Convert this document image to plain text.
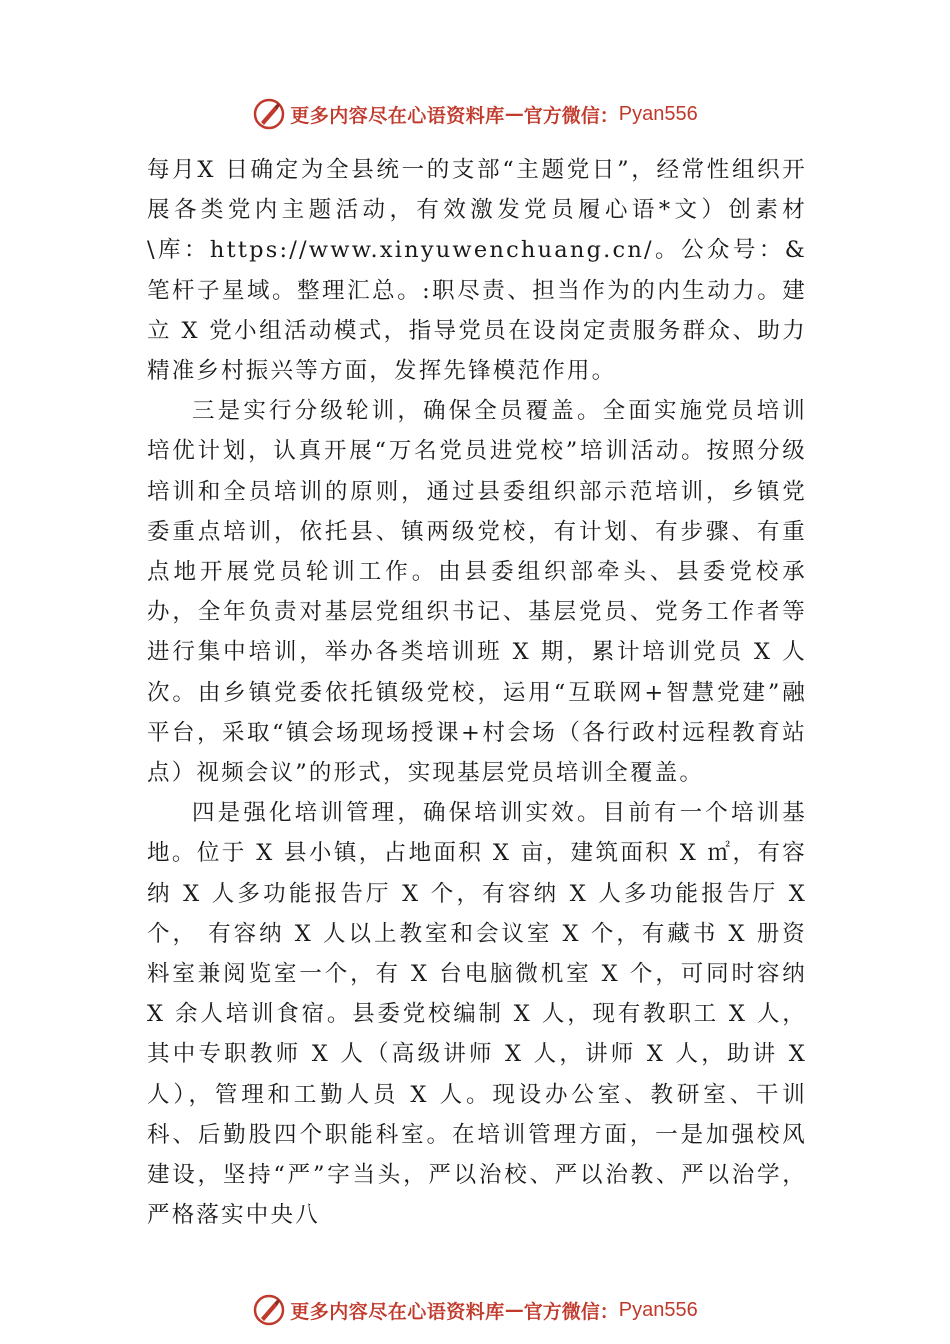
更多内容尽在心语资料库 — 官方微信： Pyan556

每月X 日确定为全县统一的支部“主题党日”，经常性组织开展各类党内主题活动，有效激发党员履心语*文）创素材\库：https://www.xinyuwenchuang.cn/。公众号：&笔杆子星域。整理汇总。:职尽责、担当作为的内生动力。建立 X 党小组活动模式，指导党员在设岗定责服务群众、助力精准乡村振兴等方面，发挥先锋模范作用。

三是实行分级轮训，确保全员覆盖。全面实施党员培训培优计划，认真开展“万名党员进党校”培训活动。按照分级培训和全员培训的原则，通过县委组织部示范培训，乡镇党委重点培训，依托县、镇两级党校，有计划、有步骤、有重点地开展党员轮训工作。由县委组织部牵头、县委党校承办，全年负责对基层党组织书记、基层党员、党务工作者等进行集中培训，举办各类培训班 X 期，累计培训党员 X 人次。由乡镇党委依托镇级党校，运用“互联网+智慧党建”融平台，采取“镇会场现场授课+村会场（各行政村远程教育站点）视频会议”的形式，实现基层党员培训全覆盖。

四是强化培训管理，确保培训实效。目前有一个培训基地。位于 X 县小镇，占地面积 X 亩，建筑面积 X ㎡，有容纳 X 人多功能报告厅 X 个，有容纳 X 人多功能报告厅 X 个， 有容纳 X 人以上教室和会议室 X 个，有藏书 X 册资料室兼阅览室一个，有 X 台电脑微机室 X 个，可同时容纳X 余人培训食宿。县委党校编制 X 人，现有教职工 X 人，其中专职教师 X 人（高级讲师 X 人，讲师 X 人，助讲 X 人），管理和工勤人员 X 人。现设办公室、教研室、干训科、后勤股四个职能科室。在培训管理方面，一是加强校风建设，坚持“严”字当头，严以治校、严以治教、严以治学，严格落实中央八

更多内容尽在心语资料库 — 官方微信： Pyan556
